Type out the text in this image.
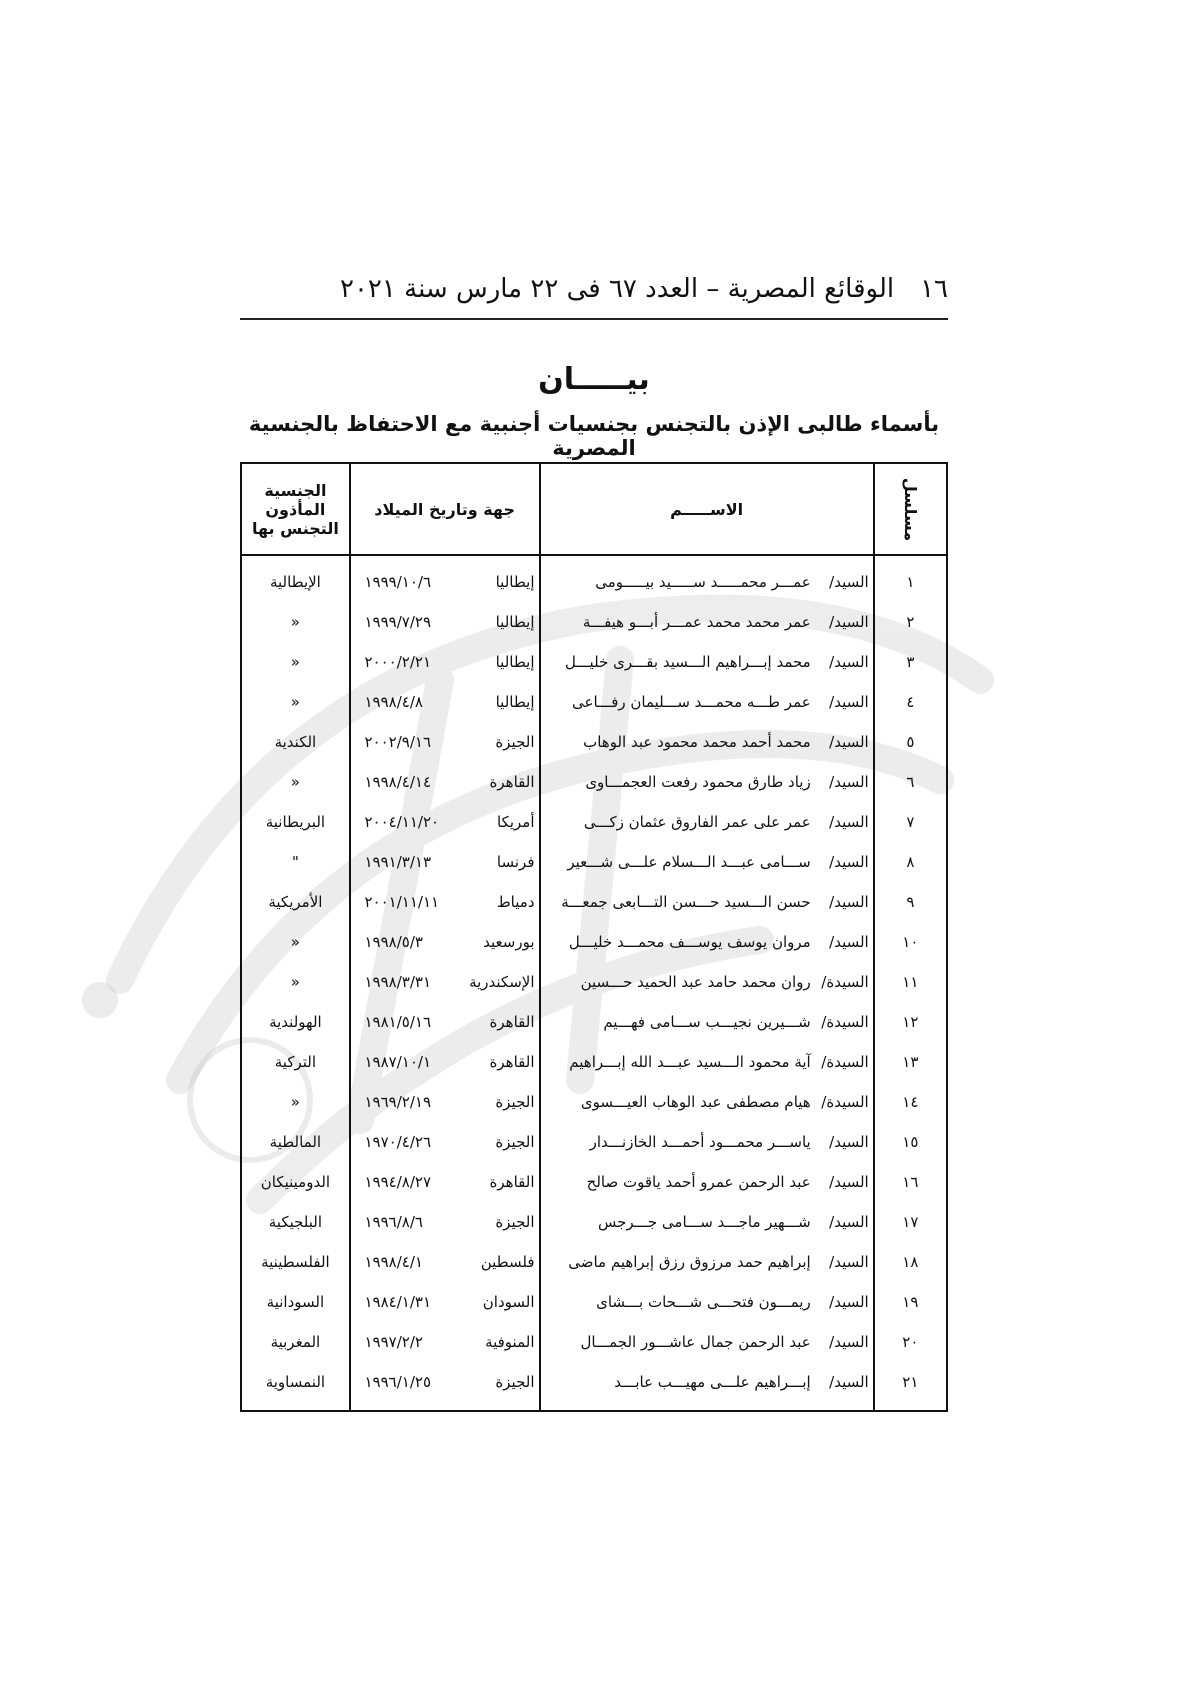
١٦
الوقائع المصرية – العدد ٦٧ فى ٢٢ مارس سنة ٢٠٢١
بيـــــان
بأسماء طالبى الإذن بالتجنس بجنسيات أجنبية مع الاحتفاظ بالجنسية المصرية
مسلسل	الاســـــم	جهة وتاريخ الميلاد	الجنسية المأذون التجنس بها
١	السيد/عمـــر محمـــــد ســـــيد بيـــــومى	إيطاليا١٩٩٩/١٠/٦	الإيطالية
٢	السيد/عمر محمد محمد عمـــر أبـــو هيفـــة	إيطاليا١٩٩٩/٧/٢٩	«
٣	السيد/محمد إبـــراهيم الـــسيد بقـــرى خليـــل	إيطاليا٢٠٠٠/٢/٢١	«
٤	السيد/عمر طـــه محمـــد ســـليمان رفـــاعى	إيطاليا١٩٩٨/٤/٨	«
٥	السيد/محمد أحمد محمد محمود عبد الوهاب	الجيزة٢٠٠٢/٩/١٦	الكندية
٦	السيد/زياد طارق محمود رفعت العجمـــاوى	القاهرة١٩٩٨/٤/١٤	«
٧	السيد/عمر على عمر الفاروق عثمان زكـــى	أمريكا٢٠٠٤/١١/٢٠	البريطانية
٨	السيد/ســـامى عبـــد الـــسلام علـــى شـــعير	فرنسا١٩٩١/٣/١٣	"
٩	السيد/حسن الـــسيد حـــسن التـــابعى جمعـــة	دمياط٢٠٠١/١١/١١	الأمريكية
١٠	السيد/مروان يوسف يوســـف محمـــد خليـــل	بورسعيد١٩٩٨/٥/٣	«
١١	السيدة/روان محمد حامد عبد الحميد حـــسين	الإسكندرية١٩٩٨/٣/٣١	«
١٢	السيدة/شـــيرين نجيـــب ســـامى فهـــيم	القاهرة١٩٨١/٥/١٦	الهولندية
١٣	السيدة/آية محمود الـــسيد عبـــد الله إبـــراهيم	القاهرة١٩٨٧/١٠/١	التركية
١٤	السيدة/هيام مصطفى عبد الوهاب العيـــسوى	الجيزة١٩٦٩/٢/١٩	«
١٥	السيد/ياســـر محمـــود أحمـــد الخازنـــدار	الجيزة١٩٧٠/٤/٢٦	المالطية
١٦	السيد/عبد الرحمن عمرو أحمد ياقوت صالح	القاهرة١٩٩٤/٨/٢٧	الدومينيكان
١٧	السيد/شـــهير ماجـــد ســـامى جـــرجس	الجيزة١٩٩٦/٨/٦	البلجيكية
١٨	السيد/إبراهيم حمد مرزوق رزق إبراهيم ماضى	فلسطين١٩٩٨/٤/١	الفلسطينية
١٩	السيد/ريمـــون فتحـــى شـــحات بـــشاى	السودان١٩٨٤/١/٣١	السودانية
٢٠	السيد/عبد الرحمن جمال عاشـــور الجمـــال	المنوفية١٩٩٧/٢/٢	المغربية
٢١	السيد/إبـــراهيم علـــى مهيـــب عابـــد	الجيزة١٩٩٦/١/٢٥	النمساوية
